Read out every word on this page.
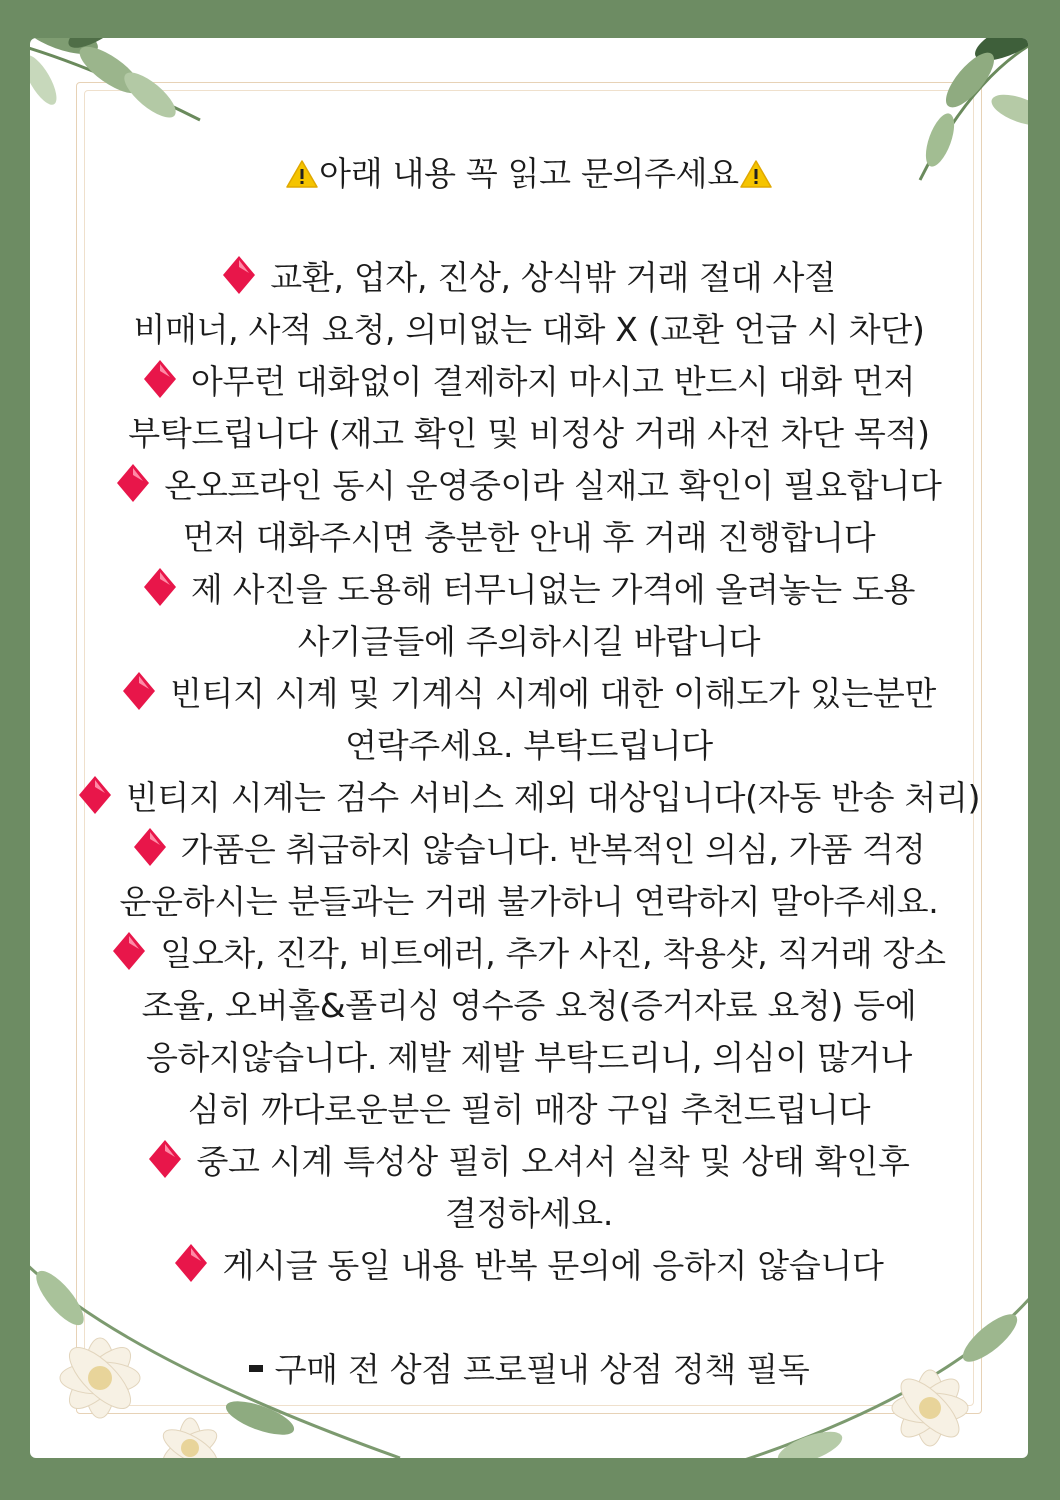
아래 내용 꼭 읽고 문의주세요
교환, 업자, 진상, 상식밖 거래 절대 사절
비매너, 사적 요청, 의미없는 대화 X (교환 언급 시 차단)
아무런 대화없이 결제하지 마시고 반드시 대화 먼저
부탁드립니다 (재고 확인 및 비정상 거래 사전 차단 목적)
온오프라인 동시 운영중이라 실재고 확인이 필요합니다
먼저 대화주시면 충분한 안내 후 거래 진행합니다
제 사진을 도용해 터무니없는 가격에 올려놓는 도용
사기글들에 주의하시길 바랍니다
빈티지 시계 및 기계식 시계에 대한 이해도가 있는분만
연락주세요. 부탁드립니다
빈티지 시계는 검수 서비스 제외 대상입니다(자동 반송 처리)
가품은 취급하지 않습니다. 반복적인 의심, 가품 걱정
운운하시는 분들과는 거래 불가하니 연락하지 말아주세요.
일오차, 진각, 비트에러, 추가 사진, 착용샷, 직거래 장소
조율, 오버홀&폴리싱 영수증 요청(증거자료 요청) 등에
응하지않습니다. 제발 제발 부탁드리니, 의심이 많거나
심히 까다로운분은 필히 매장 구입 추천드립니다
중고 시계 특성상 필히 오셔서 실착 및 상태 확인후
결정하세요.
게시글 동일 내용 반복 문의에 응하지 않습니다
구매 전 상점 프로필내 상점 정책 필독
